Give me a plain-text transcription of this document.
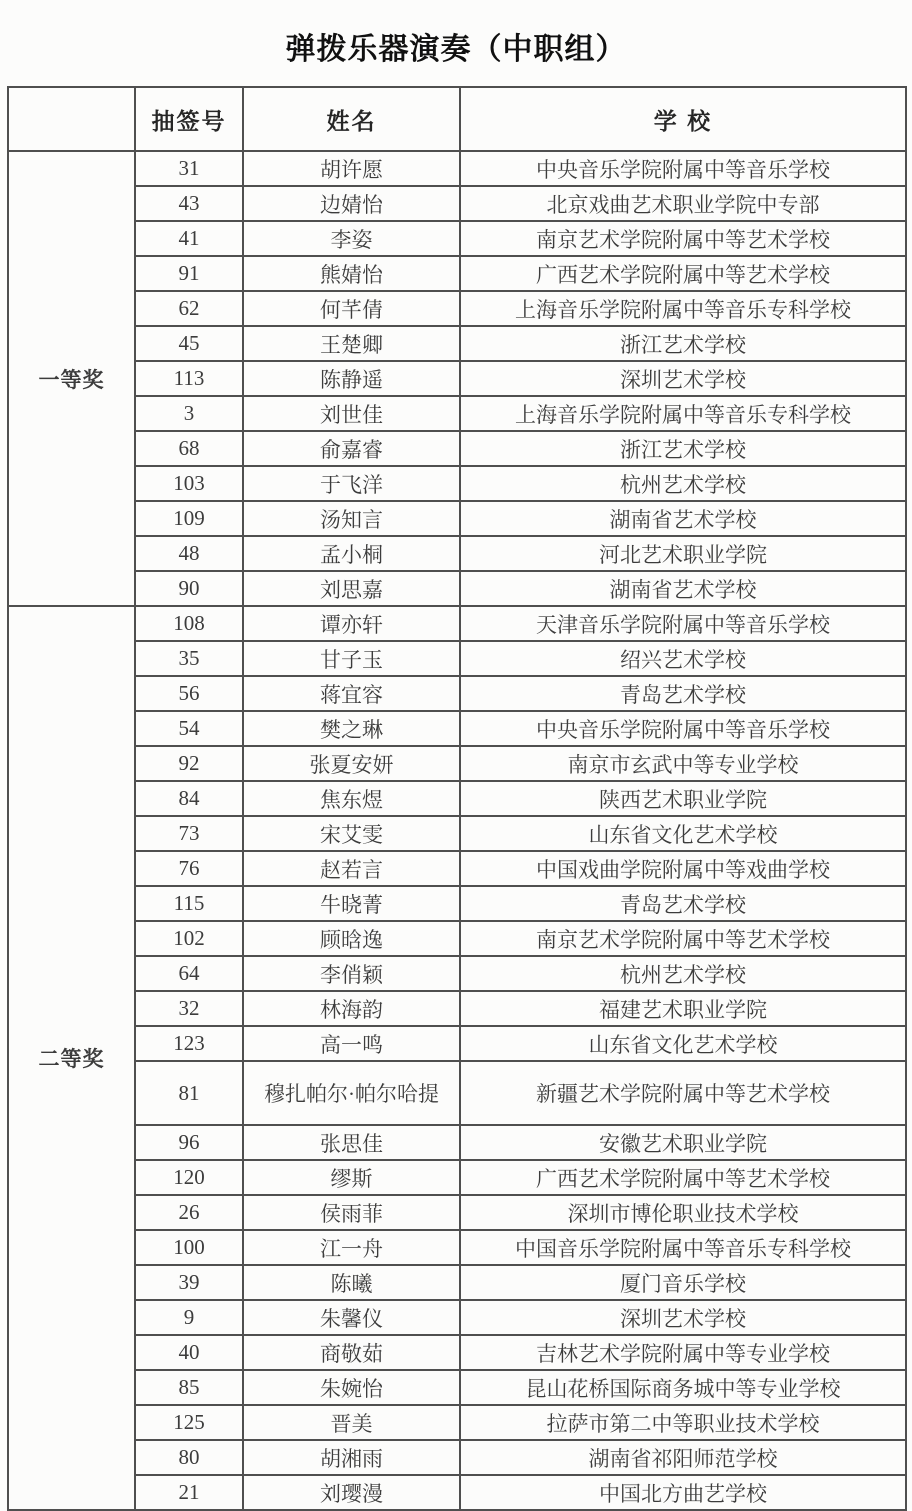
弹拨乐器演奏（中职组）
	抽签号	姓名	学 校
一等奖	31	胡许愿	中央音乐学院附属中等音乐学校
	43	边婧怡	北京戏曲艺术职业学院中专部
	41	李姿	南京艺术学院附属中等艺术学校
	91	熊婧怡	广西艺术学院附属中等艺术学校
	62	何芊倩	上海音乐学院附属中等音乐专科学校
	45	王楚卿	浙江艺术学校
	113	陈静遥	深圳艺术学校
	3	刘世佳	上海音乐学院附属中等音乐专科学校
	68	俞嘉睿	浙江艺术学校
	103	于飞洋	杭州艺术学校
	109	汤知言	湖南省艺术学校
	48	孟小桐	河北艺术职业学院
	90	刘思嘉	湖南省艺术学校
二等奖	108	谭亦轩	天津音乐学院附属中等音乐学校
	35	甘子玉	绍兴艺术学校
	56	蒋宜容	青岛艺术学校
	54	樊之琳	中央音乐学院附属中等音乐学校
	92	张夏安妍	南京市玄武中等专业学校
	84	焦东煜	陕西艺术职业学院
	73	宋艾雯	山东省文化艺术学校
	76	赵若言	中国戏曲学院附属中等戏曲学校
	115	牛晓菁	青岛艺术学校
	102	顾晗逸	南京艺术学院附属中等艺术学校
	64	李俏颖	杭州艺术学校
	32	林海韵	福建艺术职业学院
	123	高一鸣	山东省文化艺术学校
	81	穆扎帕尔·帕尔哈提	新疆艺术学院附属中等艺术学校
	96	张思佳	安徽艺术职业学院
	120	缪斯	广西艺术学院附属中等艺术学校
	26	侯雨菲	深圳市博伦职业技术学校
	100	江一舟	中国音乐学院附属中等音乐专科学校
	39	陈曦	厦门音乐学校
	9	朱馨仪	深圳艺术学校
	40	商敬茹	吉林艺术学院附属中等专业学校
	85	朱婉怡	昆山花桥国际商务城中等专业学校
	125	晋美	拉萨市第二中等职业技术学校
	80	胡湘雨	湖南省祁阳师范学校
	21	刘璎漫	中国北方曲艺学校
